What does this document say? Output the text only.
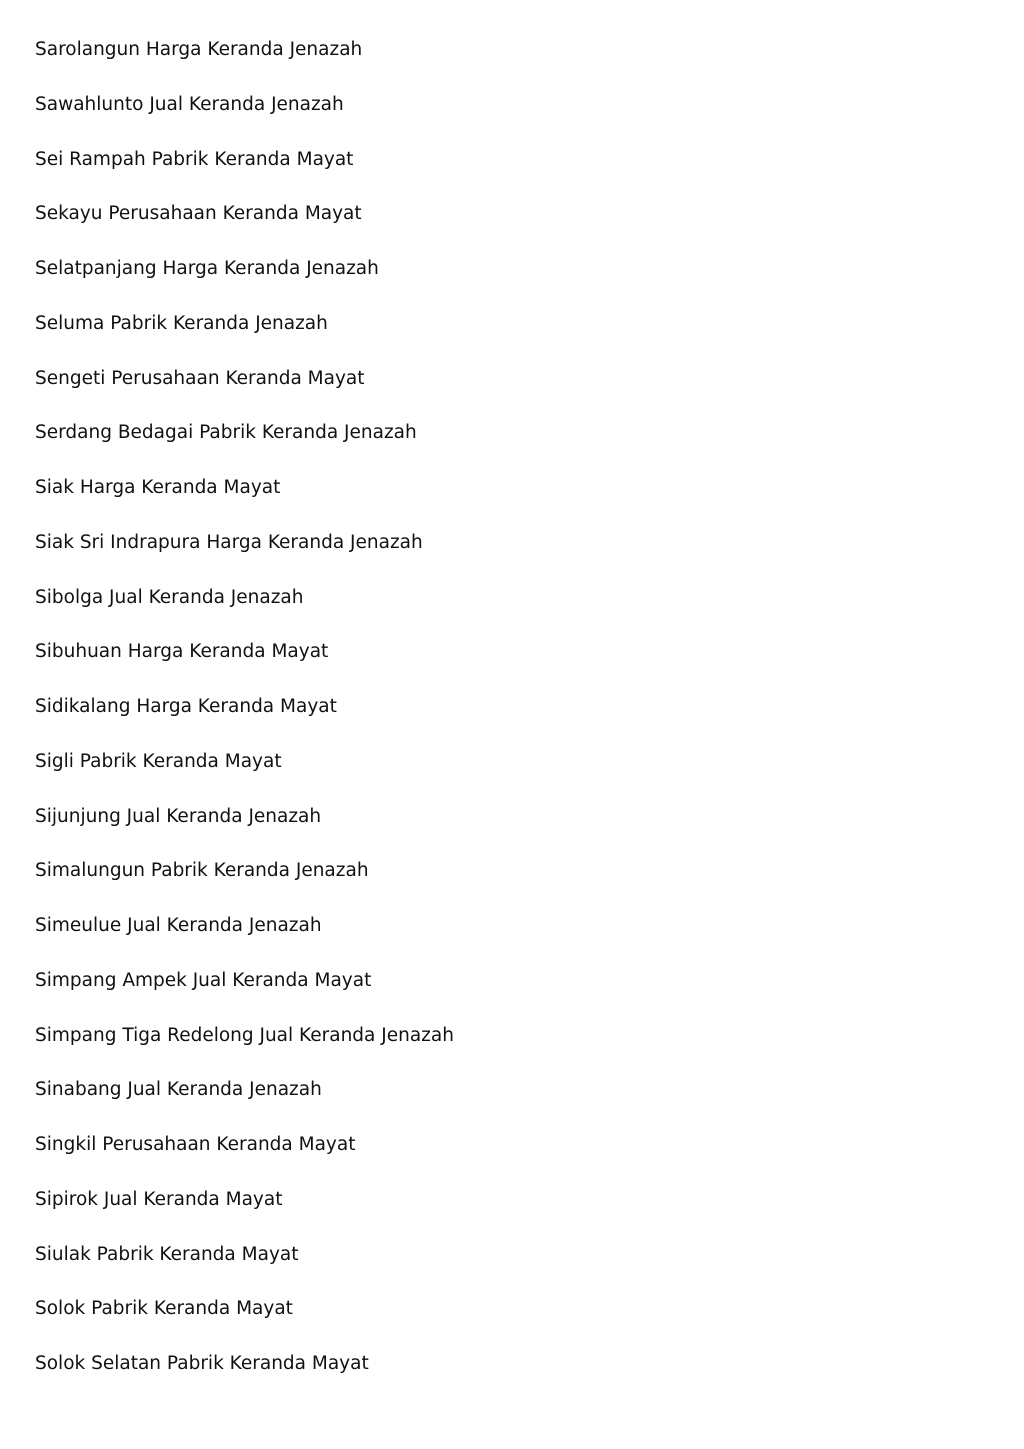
Sarolangun Harga Keranda Jenazah
Sawahlunto Jual Keranda Jenazah
Sei Rampah Pabrik Keranda Mayat
Sekayu Perusahaan Keranda Mayat
Selatpanjang Harga Keranda Jenazah
Seluma Pabrik Keranda Jenazah
Sengeti Perusahaan Keranda Mayat
Serdang Bedagai Pabrik Keranda Jenazah
Siak Harga Keranda Mayat
Siak Sri Indrapura Harga Keranda Jenazah
Sibolga Jual Keranda Jenazah
Sibuhuan Harga Keranda Mayat
Sidikalang Harga Keranda Mayat
Sigli Pabrik Keranda Mayat
Sijunjung Jual Keranda Jenazah
Simalungun Pabrik Keranda Jenazah
Simeulue Jual Keranda Jenazah
Simpang Ampek Jual Keranda Mayat
Simpang Tiga Redelong Jual Keranda Jenazah
Sinabang Jual Keranda Jenazah
Singkil Perusahaan Keranda Mayat
Sipirok Jual Keranda Mayat
Siulak Pabrik Keranda Mayat
Solok Pabrik Keranda Mayat
Solok Selatan Pabrik Keranda Mayat
